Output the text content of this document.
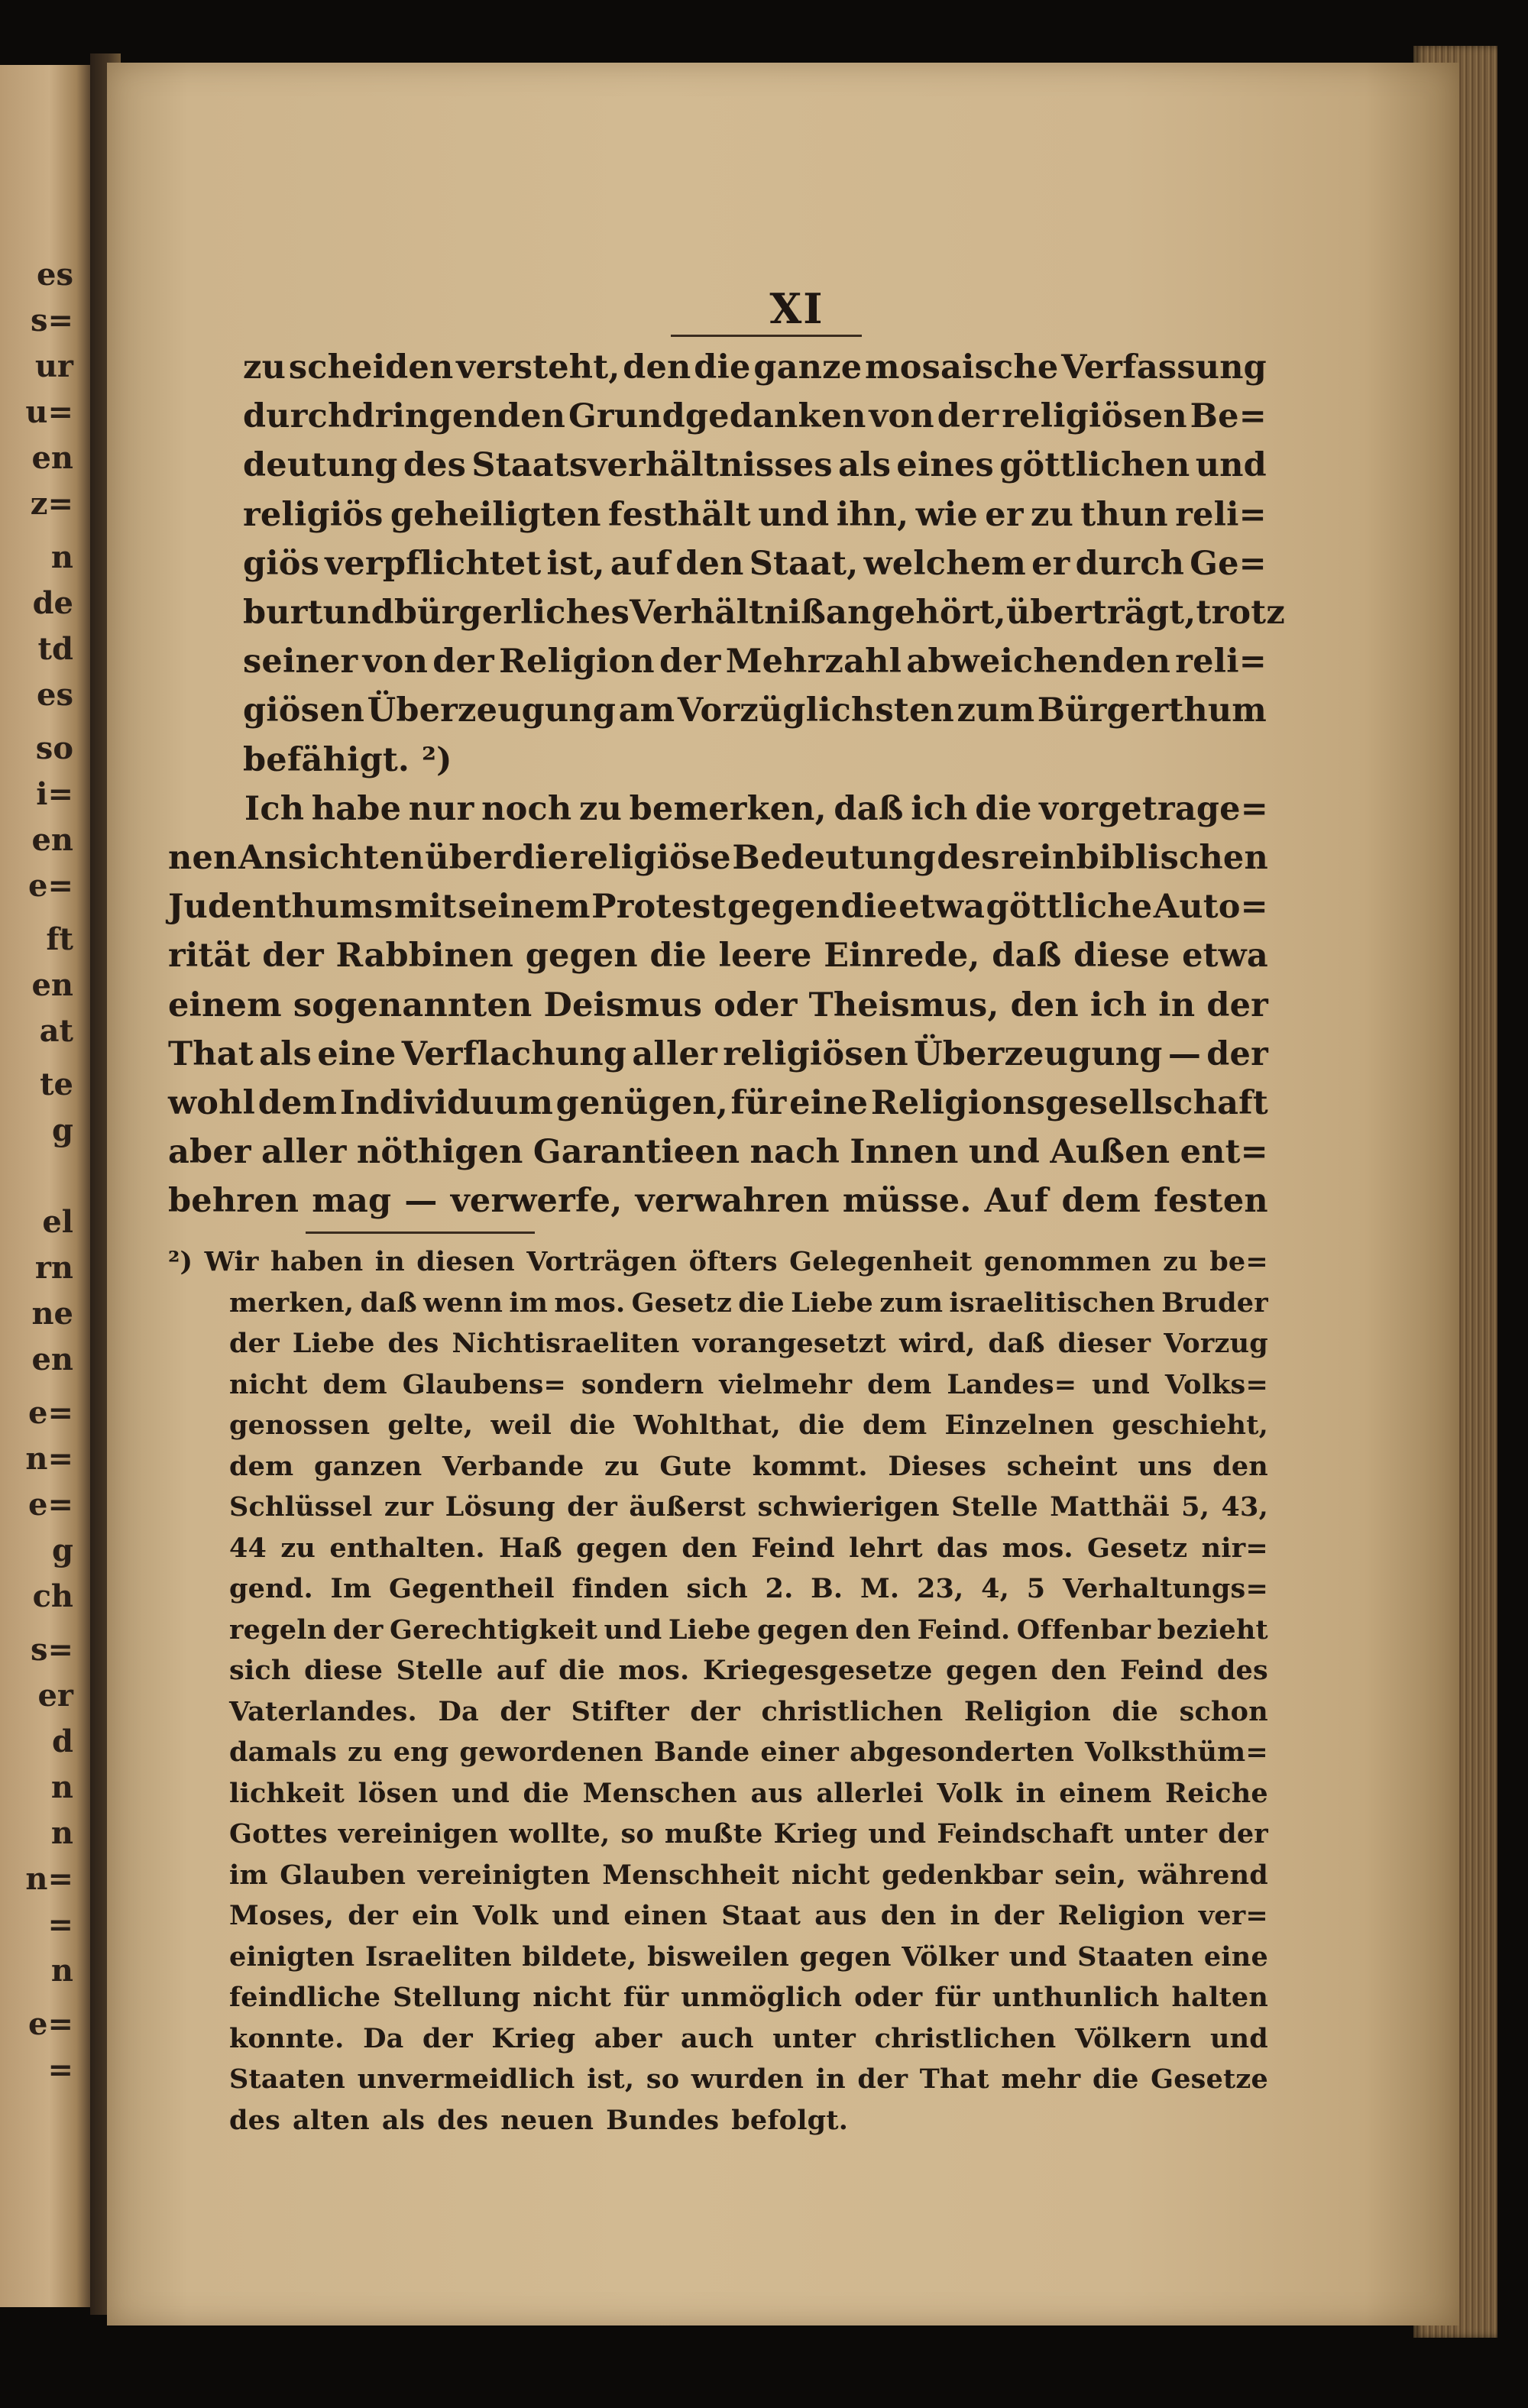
es
s=
ur
u=
en
z=
n
de
td
es
so
i=
en
e=
ft
en
at
te
g
el
rn
ne
en
e=
n=
e=
g
ch
s=
er
d
n
n
n=
=
n
e=
=
XI
zu scheiden versteht, den die ganze mosaische Verfassung
durchdringenden Grundgedanken von der religiösen Be=
deutung des Staatsverhältnisses als eines göttlichen und
religiös geheiligten festhält und ihn, wie er zu thun reli=
giös verpflichtet ist, auf den Staat, welchem er durch Ge=
burt und bürgerliches Verhältniß angehört, überträgt, trotz
seiner von der Religion der Mehrzahl abweichenden reli=
giösen Überzeugung am Vorzüglichsten zum Bürgerthum
befähigt. ²)
Ich habe nur noch zu bemerken, daß ich die vorgetrage=
nen Ansichten über die religiöse Bedeutung des reinbiblischen
Judenthums mit seinem Protest gegen die etwa göttliche Auto=
rität der Rabbinen gegen die leere Einrede, daß diese etwa
einem sogenannten Deismus oder Theismus, den ich in der
That als eine Verflachung aller religiösen Überzeugung — der
wohl dem Individuum genügen, für eine Religionsgesellschaft
aber aller nöthigen Garantieen nach Innen und Außen ent=
behren mag — verwerfe, verwahren müsse. Auf dem festen
²) Wir haben in diesen Vorträgen öfters Gelegenheit genommen zu be=
merken, daß wenn im mos. Gesetz die Liebe zum israelitischen Bruder
der Liebe des Nichtisraeliten vorangesetzt wird, daß dieser Vorzug
nicht dem Glaubens= sondern vielmehr dem Landes= und Volks=
genossen gelte, weil die Wohlthat, die dem Einzelnen geschieht,
dem ganzen Verbande zu Gute kommt. Dieses scheint uns den
Schlüssel zur Lösung der äußerst schwierigen Stelle Matthäi 5, 43,
44 zu enthalten. Haß gegen den Feind lehrt das mos. Gesetz nir=
gend. Im Gegentheil finden sich 2. B. M. 23, 4, 5 Verhaltungs=
regeln der Gerechtigkeit und Liebe gegen den Feind. Offenbar bezieht
sich diese Stelle auf die mos. Kriegesgesetze gegen den Feind des
Vaterlandes. Da der Stifter der christlichen Religion die schon
damals zu eng gewordenen Bande einer abgesonderten Volksthüm=
lichkeit lösen und die Menschen aus allerlei Volk in einem Reiche
Gottes vereinigen wollte, so mußte Krieg und Feindschaft unter der
im Glauben vereinigten Menschheit nicht gedenkbar sein, während
Moses, der ein Volk und einen Staat aus den in der Religion ver=
einigten Israeliten bildete, bisweilen gegen Völker und Staaten eine
feindliche Stellung nicht für unmöglich oder für unthunlich halten
konnte. Da der Krieg aber auch unter christlichen Völkern und
Staaten unvermeidlich ist, so wurden in der That mehr die Gesetze
des alten als des neuen Bundes befolgt.
